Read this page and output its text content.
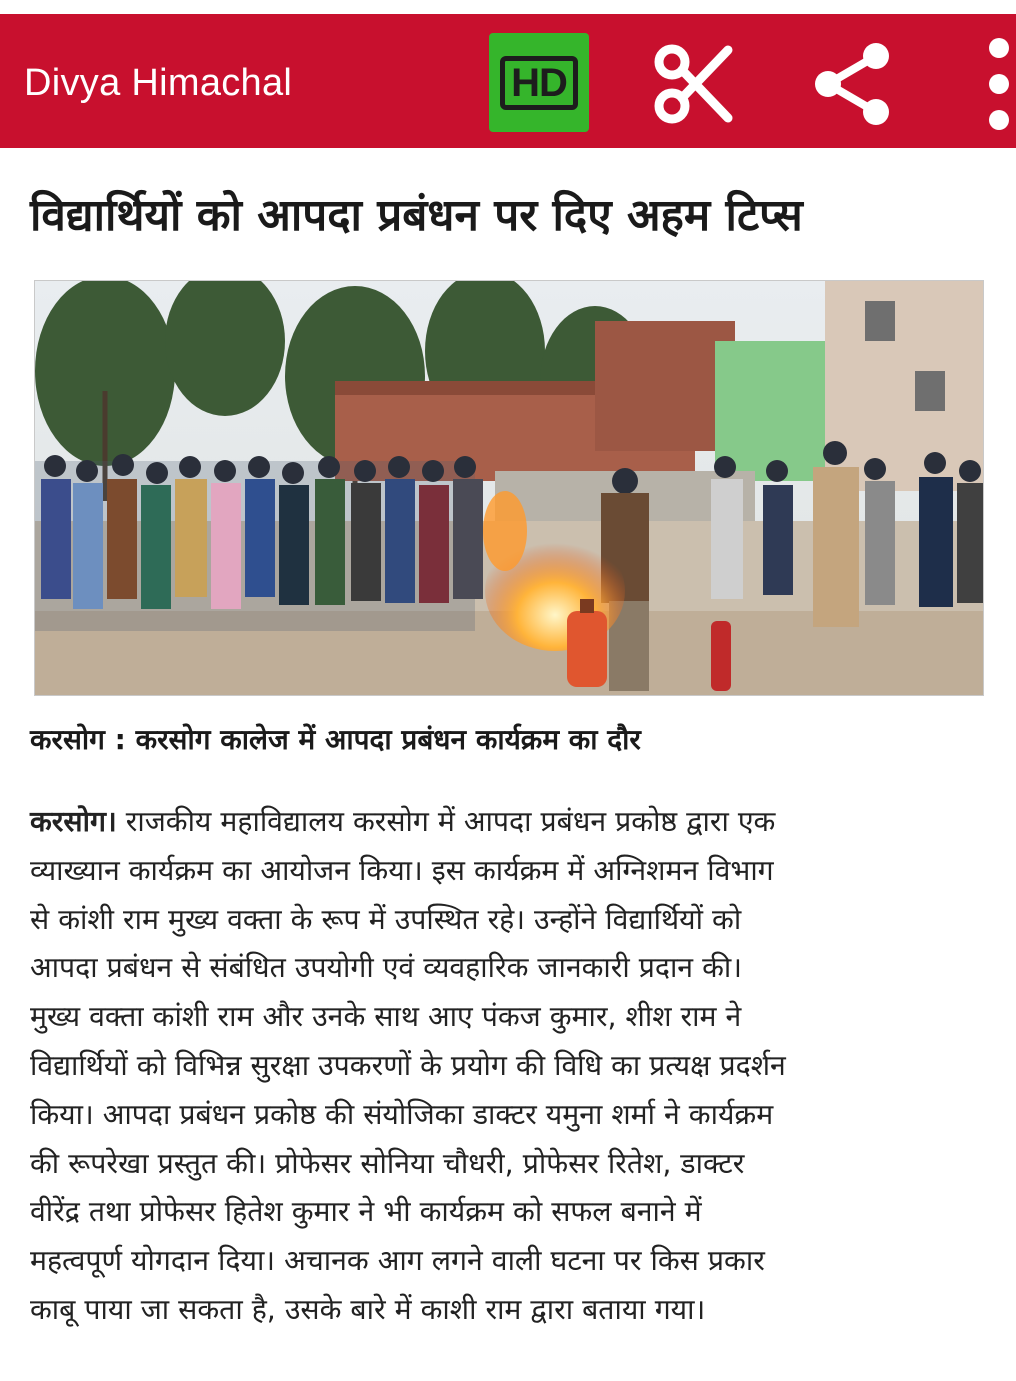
Divya Himachal	HD
विद्यार्थियों को आपदा प्रबंधन पर दिए अहम टिप्स
करसोग : करसोग कालेज में आपदा प्रबंधन कार्यक्रम का दौर
करसोग। राजकीय महाविद्यालय करसोग में आपदा प्रबंधन प्रकोष्ठ द्वारा एक
व्याख्यान कार्यक्रम का आयोजन किया। इस कार्यक्रम में अग्निशमन विभाग
से कांशी राम मुख्य वक्ता के रूप में उपस्थित रहे। उन्होंने विद्यार्थियों को
आपदा प्रबंधन से संबंधित उपयोगी एवं व्यवहारिक जानकारी प्रदान की।
मुख्य वक्ता कांशी राम और उनके साथ आए पंकज कुमार, शीश राम ने
विद्यार्थियों को विभिन्न सुरक्षा उपकरणों के प्रयोग की विधि का प्रत्यक्ष प्रदर्शन
किया। आपदा प्रबंधन प्रकोष्ठ की संयोजिका डाक्टर यमुना शर्मा ने कार्यक्रम
की रूपरेखा प्रस्तुत की। प्रोफेसर सोनिया चौधरी, प्रोफेसर रितेश, डाक्टर
वीरेंद्र तथा प्रोफेसर हितेश कुमार ने भी कार्यक्रम को सफल बनाने में
महत्वपूर्ण योगदान दिया। अचानक आग लगने वाली घटना पर किस प्रकार
काबू पाया जा सकता है, उसके बारे में काशी राम द्वारा बताया गया।
